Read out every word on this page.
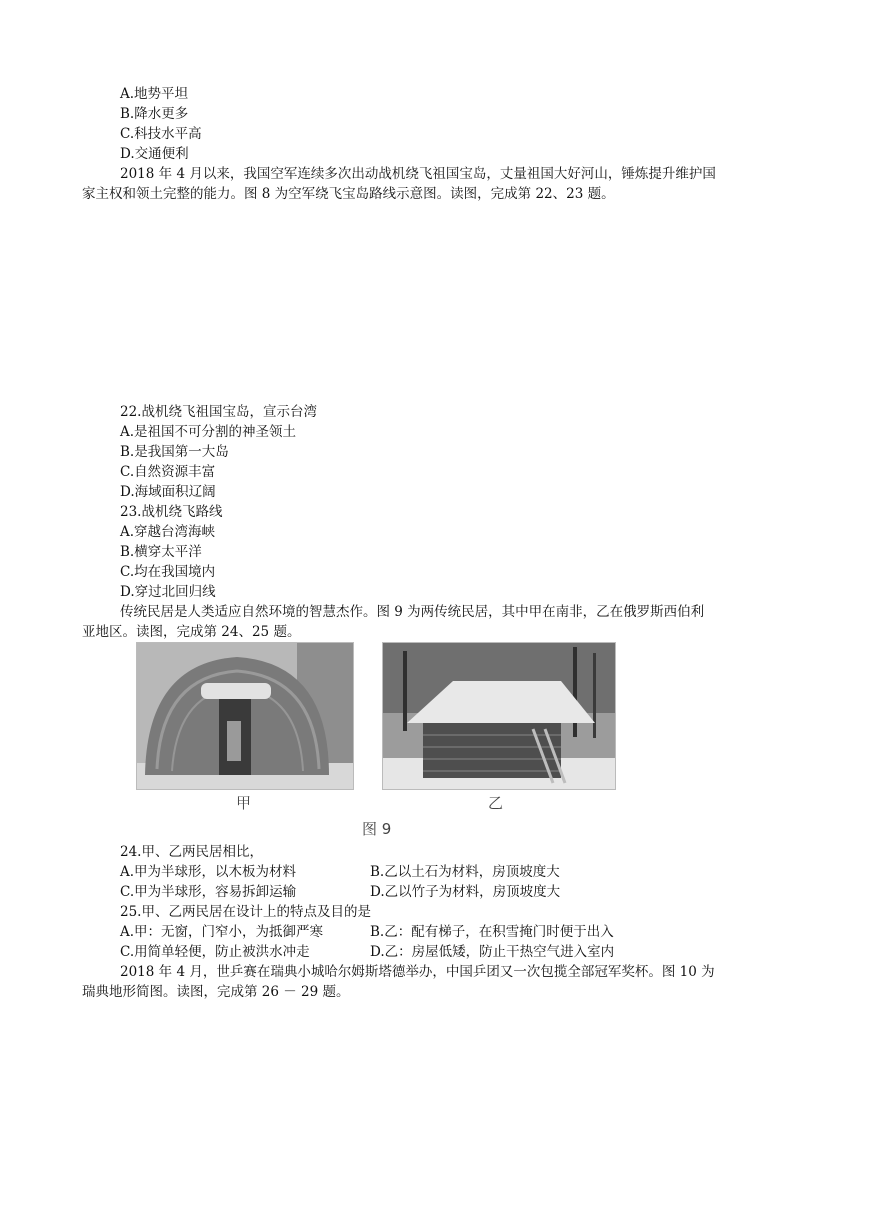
A.地势平坦
B.降水更多
C.科技水平高
D.交通便利
2018 年 4 月以来，我国空军连续多次出动战机绕飞祖国宝岛，丈量祖国大好河山，锤炼提升维护国
家主权和领土完整的能力。图 8 为空军绕飞宝岛路线示意图。读图，完成第 22、23 题。
22.战机绕飞祖国宝岛，宣示台湾
A.是祖国不可分割的神圣领土
B.是我国第一大岛
C.自然资源丰富
D.海域面积辽阔
23.战机绕飞路线
A.穿越台湾海峡
B.横穿太平洋
C.均在我国境内
D.穿过北回归线
传统民居是人类适应自然环境的智慧杰作。图 9 为两传统民居，其中甲在南非，乙在俄罗斯西伯利
亚地区。读图，完成第 24、25 题。
甲	乙
图 9
24.甲、乙两民居相比，
A.甲为半球形，以木板为材料	B.乙以土石为材料，房顶坡度大
C.甲为半球形，容易拆卸运输	D.乙以竹子为材料，房顶坡度大
25.甲、乙两民居在设计上的特点及目的是
A.甲：无窗，门窄小，为抵御严寒	B.乙：配有梯子，在积雪掩门时便于出入
C.用简单轻便，防止被洪水冲走	D.乙：房屋低矮，防止干热空气进入室内
2018 年 4 月，世乒赛在瑞典小城哈尔姆斯塔德举办，中国乒团又一次包揽全部冠军奖杯。图 10 为
瑞典地形简图。读图，完成第 26 － 29 题。
